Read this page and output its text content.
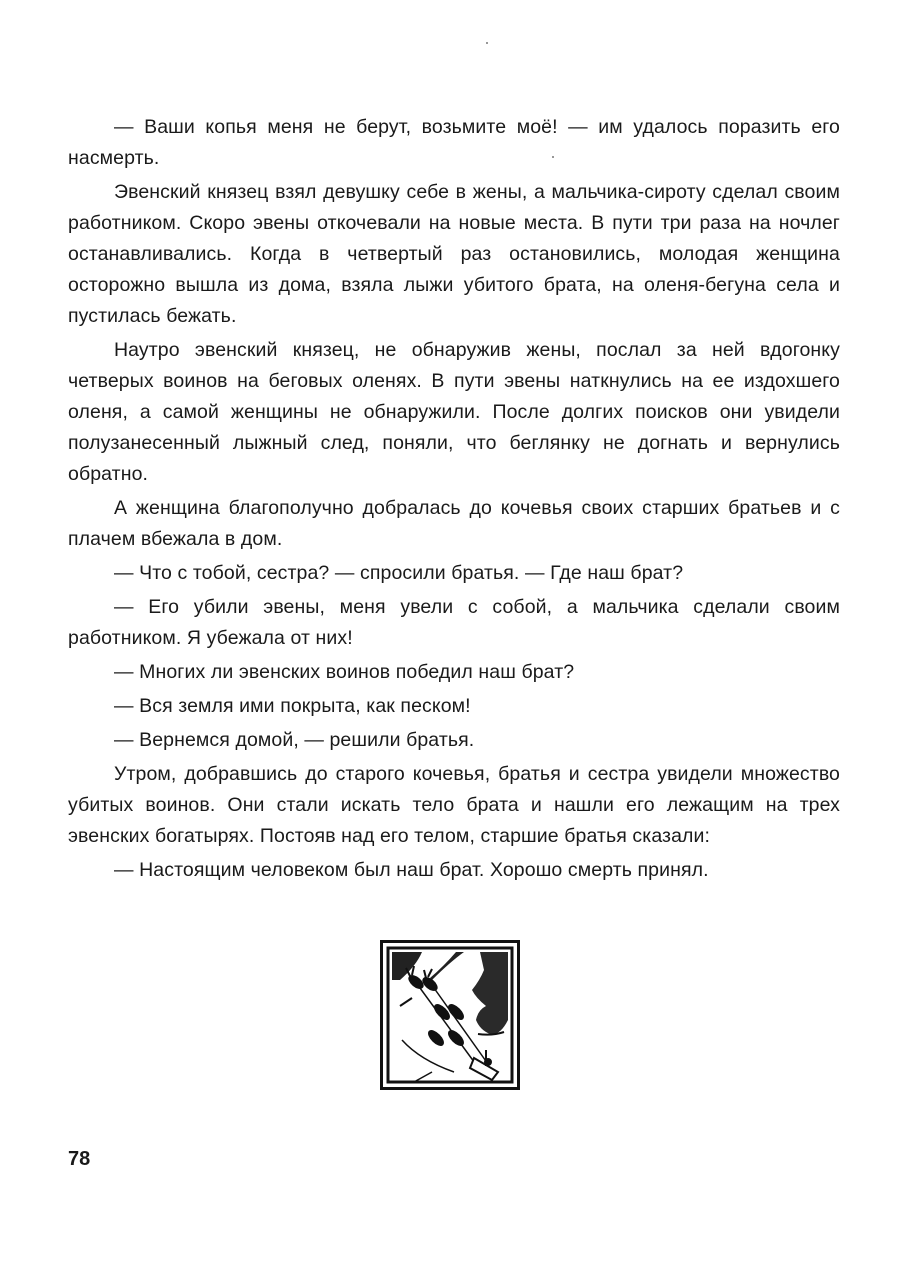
— Ваши копья меня не берут, возьмите моё! — им удалось поразить его насмерть.

Эвенский князец взял девушку себе в жены, а мальчика-сироту сделал своим работником. Скоро эвены откочевали на новые места. В пути три раза на ночлег останавливались. Когда в четвертый раз остановились, молодая женщина осторожно вышла из дома, взяла лыжи убитого брата, на оленя-бегуна села и пустилась бежать.

Наутро эвенский князец, не обнаружив жены, послал за ней вдогонку четверых воинов на беговых оленях. В пути эвены наткнулись на ее издохшего оленя, а самой женщины не обнаружили. После долгих поисков они увидели полузанесенный лыжный след, поняли, что беглянку не догнать и вернулись обратно.

А женщина благополучно добралась до кочевья своих старших братьев и с плачем вбежала в дом.

— Что с тобой, сестра? — спросили братья. — Где наш брат?

— Его убили эвены, меня увели с собой, а мальчика сделали своим работником. Я убежала от них!

— Многих ли эвенских воинов победил наш брат?

— Вся земля ими покрыта, как песком!

— Вернемся домой, — решили братья.

Утром, добравшись до старого кочевья, братья и сестра увидели множество убитых воинов. Они стали искать тело брата и нашли его лежащим на трех эвенских богатырях. Постояв над его телом, старшие братья сказали:

— Настоящим человеком был наш брат. Хорошо смерть принял.

78
